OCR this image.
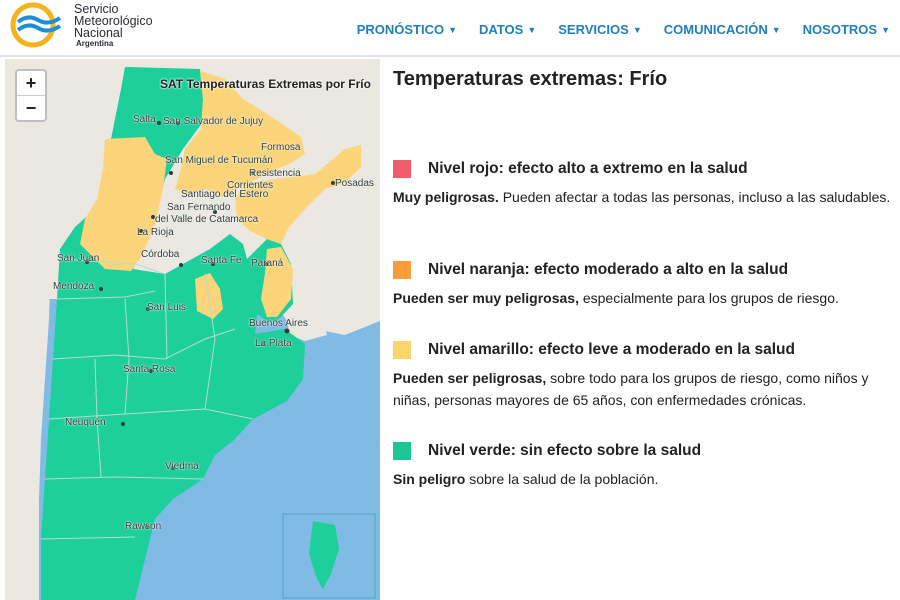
Servicio
Meteorológico
Nacional
Argentina
PRONÓSTICO ▼ DATOS ▼ SERVICIOS ▼ COMUNICACIÓN ▼ NOSOTROS ▼
+
−
SAT Temperaturas Extremas por Frío
Salta San Salvador de Jujuy
Formosa
San Miguel de Tucumán
Resistencia
Corrientes	Posadas
Santiago del Estero
San Fernando
del Valle de Catamarca
La Rioja
San Juan	Córdoba
Santa Fe Paraná
Mendoza
San Luis
Buenos Aires
La Plata
Santa Rosa
Neuquén
Viedma
Rawson
Temperaturas extremas: Frío
Nivel rojo: efecto alto a extremo en la salud
Muy peligrosas. Pueden afectar a todas las personas, incluso a las saludables.
Nivel naranja: efecto moderado a alto en la salud
Pueden ser muy peligrosas, especialmente para los grupos de riesgo.
Nivel amarillo: efecto leve a moderado en la salud
Pueden ser peligrosas, sobre todo para los grupos de riesgo, como niños y niñas, personas mayores de 65 años, con enfermedades crónicas.
Nivel verde: sin efecto sobre la salud
Sin peligro sobre la salud de la población.
